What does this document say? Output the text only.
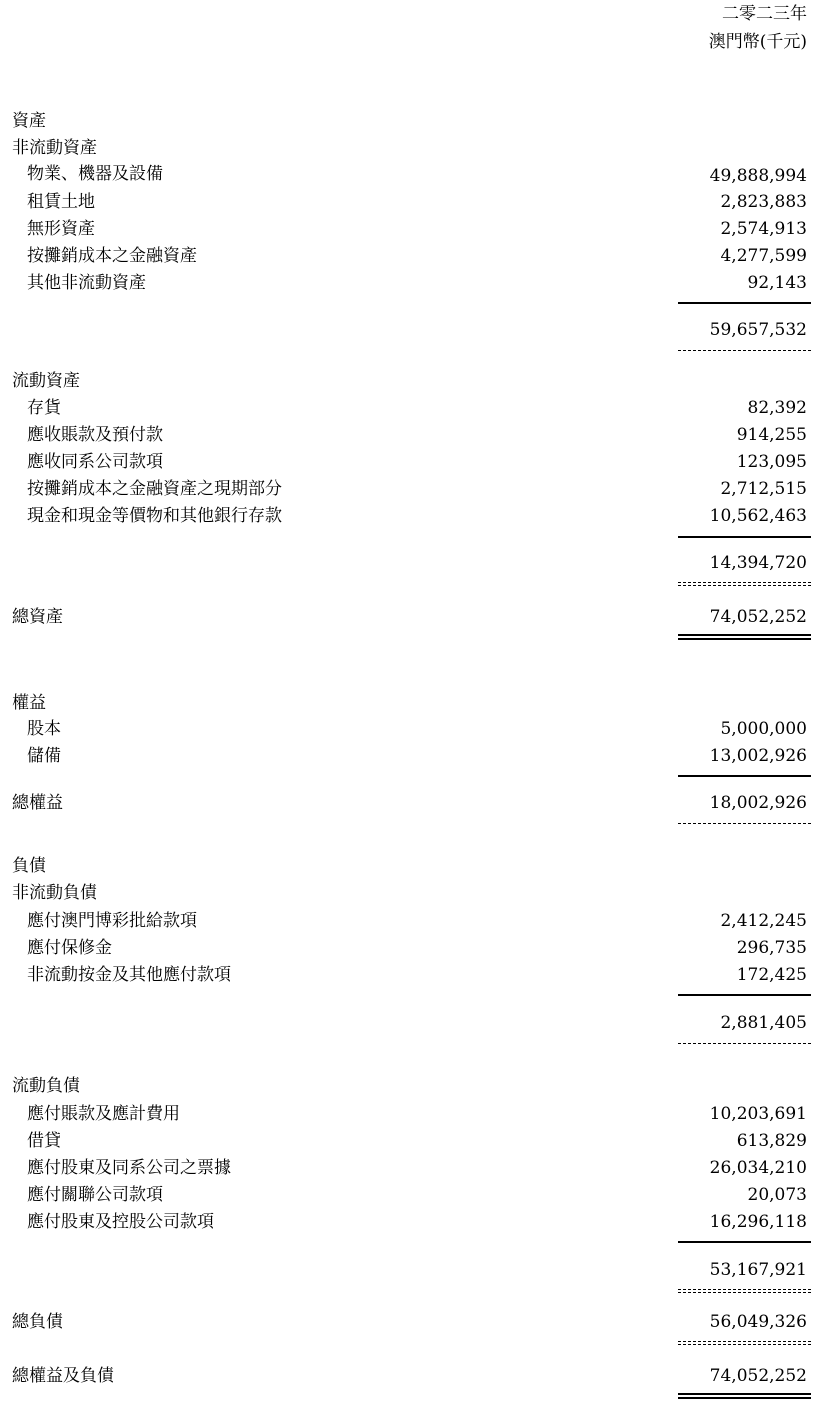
二零二三年
澳門幣(千元)
資產
非流動資產
物業、機器及設備	49,888,994
租賃土地	2,823,883
無形資產	2,574,913
按攤銷成本之金融資產	4,277,599
其他非流動資產	92,143
59,657,532
流動資產
存貨	82,392
應收賬款及預付款	914,255
應收同系公司款項	123,095
按攤銷成本之金融資產之現期部分	2,712,515
現金和現金等價物和其他銀行存款	10,562,463
14,394,720
總資產	74,052,252
權益
股本	5,000,000
儲備	13,002,926
總權益	18,002,926
負債
非流動負債
應付澳門博彩批給款項	2,412,245
應付保修金	296,735
非流動按金及其他應付款項	172,425
2,881,405
流動負債
應付賬款及應計費用	10,203,691
借貸	613,829
應付股東及同系公司之票據	26,034,210
應付關聯公司款項	20,073
應付股東及控股公司款項	16,296,118
53,167,921
總負債	56,049,326
總權益及負債	74,052,252
